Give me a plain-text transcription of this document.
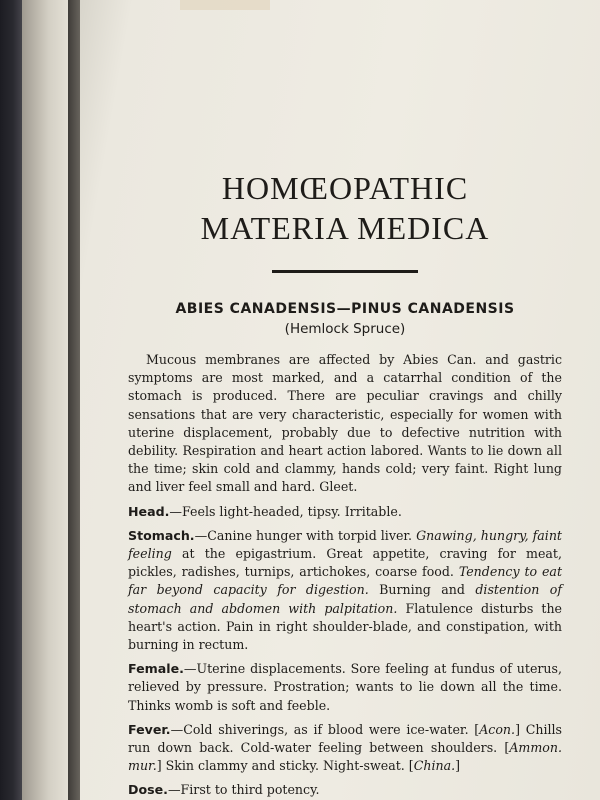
HOMŒOPATHIC
MATERIA MEDICA
ABIES CANADENSIS—PINUS CANADENSIS
(Hemlock Spruce)

Mucous membranes are affected by Abies Can. and gastric symptoms are most marked, and a catarrhal condition of the stomach is produced. There are peculiar cravings and chilly sensations that are very characteristic, especially for women with uterine displacement, probably due to defective nutrition with debility. Respiration and heart action labored. Wants to lie down all the time; skin cold and clammy, hands cold; very faint. Right lung and liver feel small and hard. Gleet.

Head.—Feels light-headed, tipsy. Irritable.

Stomach.—Canine hunger with torpid liver. Gnawing, hungry, faint feeling at the epigastrium. Great appetite, craving for meat, pickles, radishes, turnips, artichokes, coarse food. Tendency to eat far beyond capacity for digestion. Burning and distention of stomach and abdomen with palpitation. Flatulence disturbs the heart's action. Pain in right shoulder-blade, and constipation, with burning in rectum.

Female.—Uterine displacements. Sore feeling at fundus of uterus, relieved by pressure. Prostration; wants to lie down all the time. Thinks womb is soft and feeble.

Fever.—Cold shiverings, as if blood were ice-water. [Acon.] Chills run down back. Cold-water feeling between shoulders. [Ammon. mur.] Skin clammy and sticky. Night-sweat. [China.]

Dose.—First to third potency.
